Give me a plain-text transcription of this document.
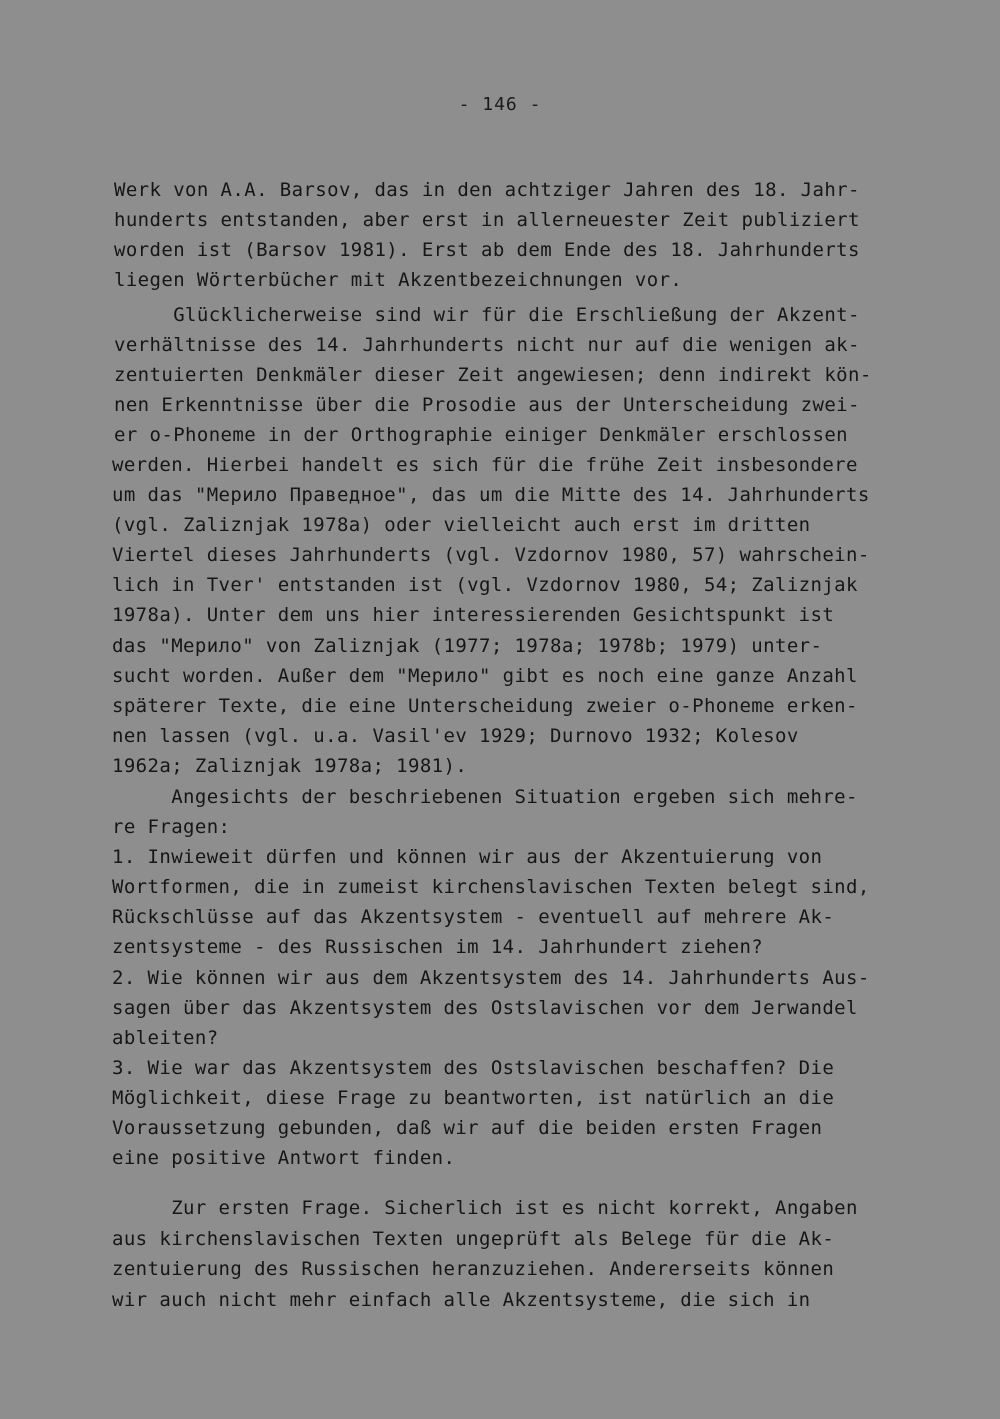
- 146 -

Werk von A.A. Barsov, das in den achtziger Jahren des 18. Jahr-

hunderts entstanden, aber erst in allerneuester Zeit publiziert

worden ist (Barsov 1981). Erst ab dem Ende des 18. Jahrhunderts

liegen Wörterbücher mit Akzentbezeichnungen vor.

Glücklicherweise sind wir für die Erschließung der Akzent-

verhältnisse des 14. Jahrhunderts nicht nur auf die wenigen ak-

zentuierten Denkmäler dieser Zeit angewiesen; denn indirekt kön-

nen Erkenntnisse über die Prosodie aus der Unterscheidung zwei-

er o-Phoneme in der Orthographie einiger Denkmäler erschlossen

werden. Hierbei handelt es sich für die frühe Zeit insbesondere

um das "Мерило Праведное", das um die Mitte des 14. Jahrhunderts

(vgl. Zaliznjak 1978a) oder vielleicht auch erst im dritten

Viertel dieses Jahrhunderts (vgl. Vzdornov 1980, 57) wahrschein-

lich in Tver' entstanden ist (vgl. Vzdornov 1980, 54; Zaliznjak

1978a). Unter dem uns hier interessierenden Gesichtspunkt ist

das "Мерило" von Zaliznjak (1977; 1978a; 1978b; 1979) unter-

sucht worden. Außer dem "Мерило" gibt es noch eine ganze Anzahl

späterer Texte, die eine Unterscheidung zweier o-Phoneme erken-

nen lassen (vgl. u.a. Vasil'ev 1929; Durnovo 1932; Kolesov

1962a; Zaliznjak 1978a; 1981).

Angesichts der beschriebenen Situation ergeben sich mehre-

re Fragen:

1. Inwieweit dürfen und können wir aus der Akzentuierung von

Wortformen, die in zumeist kirchenslavischen Texten belegt sind,

Rückschlüsse auf das Akzentsystem - eventuell auf mehrere Ak-

zentsysteme - des Russischen im 14. Jahrhundert ziehen?

2. Wie können wir aus dem Akzentsystem des 14. Jahrhunderts Aus-

sagen über das Akzentsystem des Ostslavischen vor dem Jerwandel

ableiten?

3. Wie war das Akzentsystem des Ostslavischen beschaffen? Die

Möglichkeit, diese Frage zu beantworten, ist natürlich an die

Voraussetzung gebunden, daß wir auf die beiden ersten Fragen

eine positive Antwort finden.

Zur ersten Frage. Sicherlich ist es nicht korrekt, Angaben

aus kirchenslavischen Texten ungeprüft als Belege für die Ak-

zentuierung des Russischen heranzuziehen. Andererseits können

wir auch nicht mehr einfach alle Akzentsysteme, die sich in
